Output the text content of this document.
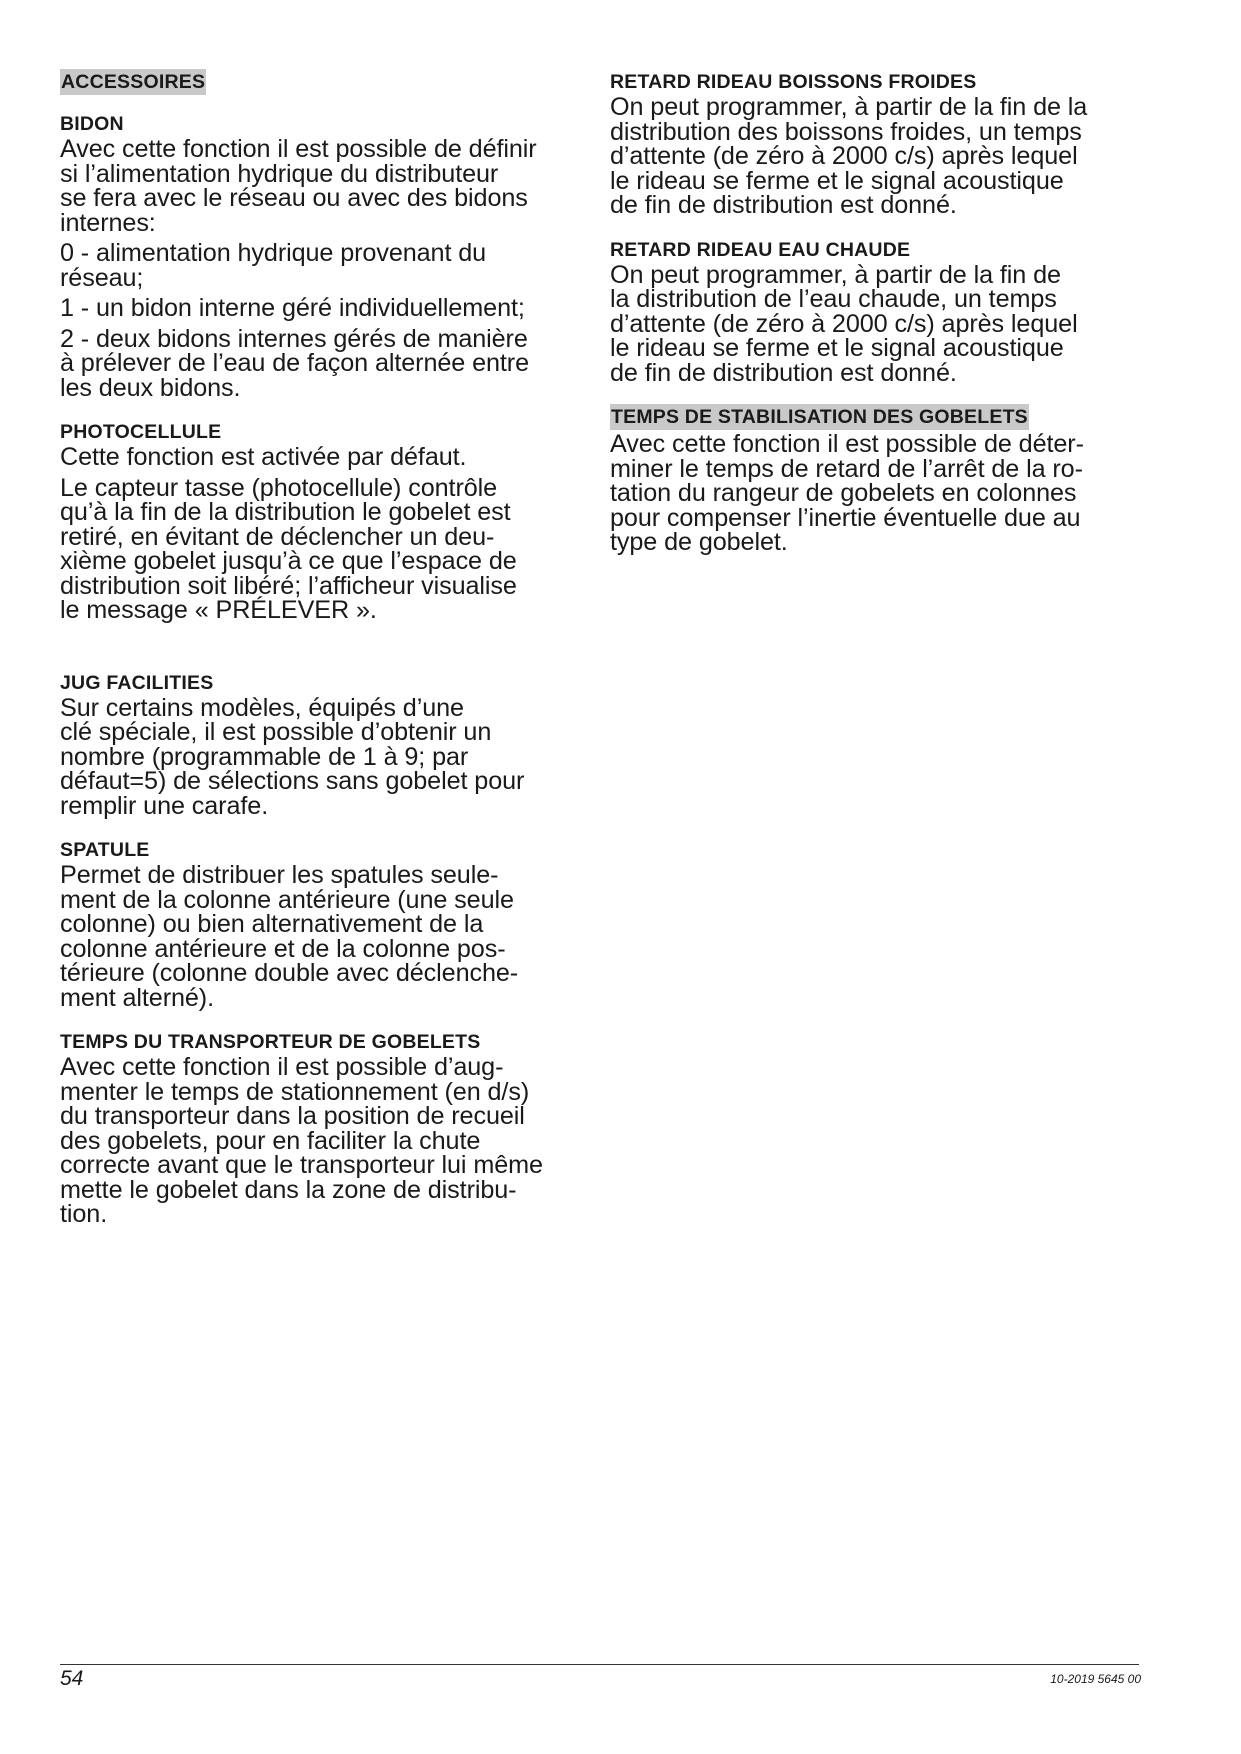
ACCESSOIRES
BIDON
Avec cette fonction il est possible de définir
si l’alimentation hydrique du distributeur
se fera avec le réseau ou avec des bidons
internes:
0 - alimentation hydrique provenant du
réseau;
1 - un bidon interne géré individuellement;
2 - deux bidons internes gérés de manière
à prélever de l’eau de façon alternée entre
les deux bidons.
PHOTOCELLULE
Cette fonction est activée par défaut.
Le capteur tasse (photocellule) contrôle
qu’à la fin de la distribution le gobelet est
retiré, en évitant de déclencher un deu-
xième gobelet jusqu’à ce que l’espace de
distribution soit libéré; l’afficheur visualise
le message « PRÉLEVER ».
JUG FACILITIES
Sur certains modèles, équipés d’une
clé spéciale, il est possible d’obtenir un
nombre (programmable de 1 à 9; par
défaut=5) de sélections sans gobelet pour
remplir une carafe.
SPATULE
Permet de distribuer les spatules seule-
ment de la colonne antérieure (une seule
colonne) ou bien alternativement de la
colonne antérieure et de la colonne pos-
térieure (colonne double avec déclenche-
ment alterné).
TEMPS DU TRANSPORTEUR DE GOBELETS
Avec cette fonction il est possible d’aug-
menter le temps de stationnement (en d/s)
du transporteur dans la position de recueil
des gobelets, pour en faciliter la chute
correcte avant que le transporteur lui même
mette le gobelet dans la zone de distribu-
tion.
RETARD RIDEAU BOISSONS FROIDES
On peut programmer, à partir de la fin de la
distribution des boissons froides, un temps
d’attente (de zéro à 2000 c/s) après lequel
le rideau se ferme et le signal acoustique
de fin de distribution est donné.
RETARD RIDEAU EAU CHAUDE
On peut programmer, à partir de la fin de
la distribution de l’eau chaude, un temps
d’attente (de zéro à 2000 c/s) après lequel
le rideau se ferme et le signal acoustique
de fin de distribution est donné.
TEMPS DE STABILISATION DES GOBELETS
Avec cette fonction il est possible de déter-
miner le temps de retard de l’arrêt de la ro-
tation du rangeur de gobelets en colonnes
pour compenser l’inertie éventuelle due au
type de gobelet.
54	10-2019 5645 00
